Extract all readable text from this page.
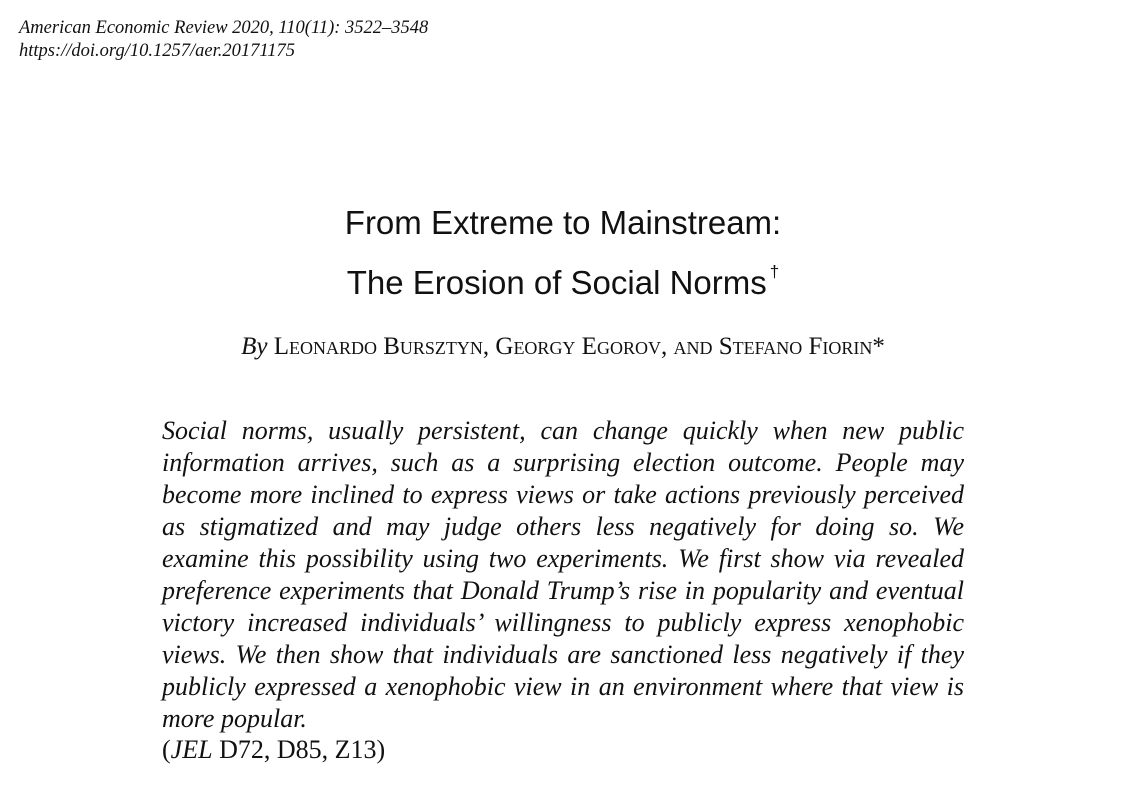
American Economic Review 2020, 110(11): 3522–3548
https://doi.org/10.1257/aer.20171175
From Extreme to Mainstream:
The Erosion of Social Norms †
By Leonardo Bursztyn, Georgy Egorov, and Stefano Fiorin*
Social norms, usually persistent, can change quickly when new public information arrives, such as a surprising election outcome. People may become more inclined to express views or take actions previously perceived as stigmatized and may judge others less negatively for doing so. We examine this possibility using two experiments. We first show via revealed preference experiments that Donald Trump’s rise in popularity and eventual victory increased individuals’ willingness to publicly express xenophobic views. We then show that individuals are sanctioned less negatively if they publicly expressed a xenophobic view in an environment where that view is more popular.
(JEL D72, D85, Z13)
